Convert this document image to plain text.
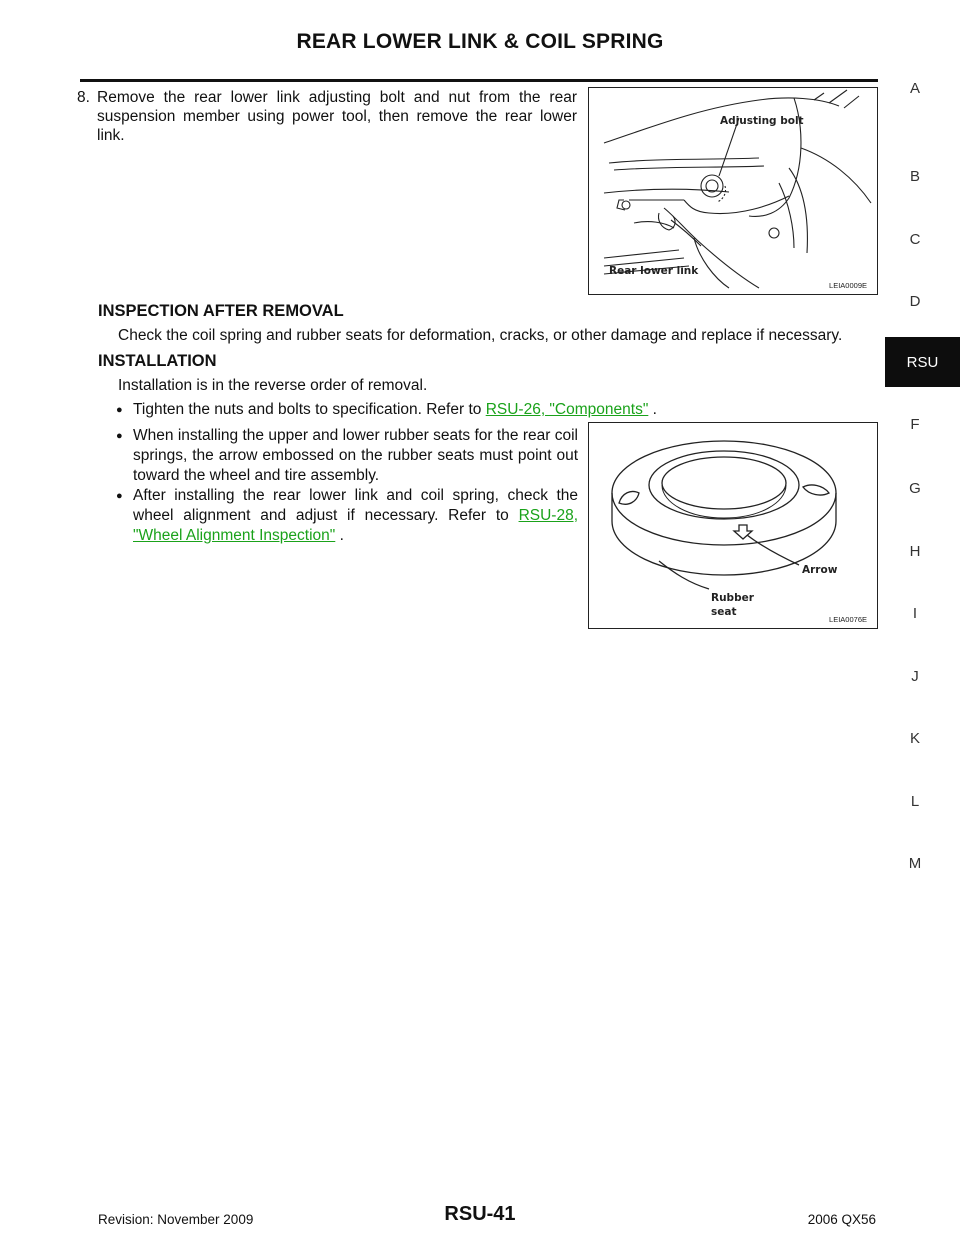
REAR LOWER LINK & COIL SPRING
A
B
C
D
RSU
F
G
H
I
J
K
L
M
8. Remove the rear lower link adjusting bolt and nut from the rear suspension member using power tool, then remove the rear lower link.
Adjusting bolt
Rear lower link
LEIA0009E
INSPECTION AFTER REMOVAL
Check the coil spring and rubber seats for deformation, cracks, or other damage and replace if necessary.
INSTALLATION
Installation is in the reverse order of removal.
● Tighten the nuts and bolts to specification. Refer to RSU-26, "Components" .
● When installing the upper and lower rubber seats for the rear coil springs, the arrow embossed on the rubber seats must point out toward the wheel and tire assembly.
● After installing the rear lower link and coil spring, check the wheel alignment and adjust if necessary. Refer to RSU-28, "Wheel Alignment Inspection" .
Arrow
Rubber
seat
LEIA0076E
Revision: November 2009	RSU-41	2006 QX56
